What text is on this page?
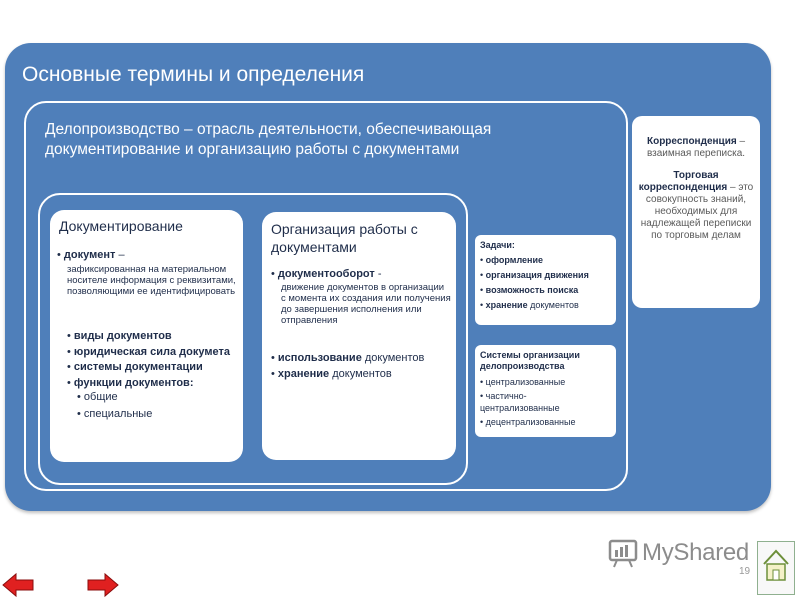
Основные термины и определения
Делопроизводство – отрасль деятельности, обеспечивающая документирование и организацию работы с документами
Документирование
• документ –
зафиксированная на материальном носителе информация с реквизитами, позволяющими ее идентифицировать
• виды документов
• юридическая сила докумета
• системы документации
• функции документов:
• общие
• специальные
Организация работы с документами
• документооборот -
движение документов в организации с момента их создания или получения до завершения исполнения или отправления
• использование документов
• хранение документов
Задачи:
• оформление
• организация движения
• возможность поиска
• хранение документов
Системы организации делопроизводства
• централизованные
• частично-централизованные
• децентрализованные
Корреспонденция – взаимная переписка.
Торговая корреспонденция – это совокупность знаний, необходимых для надлежащей переписки по торговым делам
MyShared
19
